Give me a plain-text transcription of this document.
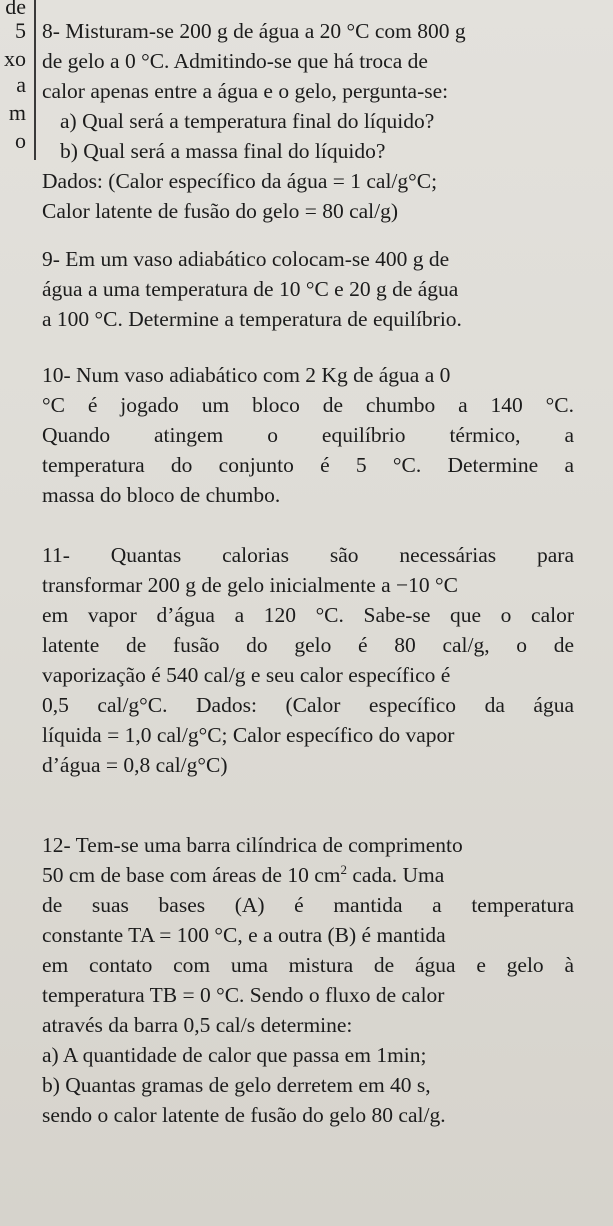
de
5
xo
a
m
o
8- Misturam-se 200 g de água a 20 °C com 800 g
de gelo a 0 °C. Admitindo-se que há troca de
calor apenas entre a água e o gelo, pergunta-se:
a) Qual será a temperatura final do líquido?
b) Qual será a massa final do líquido?
Dados: (Calor específico da água = 1 cal/g°C;
Calor latente de fusão do gelo = 80 cal/g)
9- Em um vaso adiabático colocam-se 400 g de
água a uma temperatura de 10 °C e 20 g de água
a 100 °C. Determine a temperatura de equilíbrio.
10- Num vaso adiabático com 2 Kg de água a 0
°C é jogado um bloco de chumbo a 140 °C.
Quando atingem o equilíbrio térmico, a
temperatura do conjunto é 5 °C. Determine a
massa do bloco de chumbo.
11- Quantas calorias são necessárias para
transformar 200 g de gelo inicialmente a −10 °C
em vapor d’água a 120 °C. Sabe-se que o calor
latente de fusão do gelo é 80 cal/g, o de
vaporização é 540 cal/g e seu calor específico é
0,5 cal/g°C. Dados: (Calor específico da água
líquida = 1,0 cal/g°C; Calor específico do vapor
d’água = 0,8 cal/g°C)
12- Tem-se uma barra cilíndrica de comprimento
50 cm de base com áreas de 10 $cm^2$ cada. Uma
de suas bases (A) é mantida a temperatura
constante TA = 100 °C, e a outra (B) é mantida
em contato com uma mistura de água e gelo à
temperatura TB = 0 °C. Sendo o fluxo de calor
através da barra 0,5 cal/s determine:
a) A quantidade de calor que passa em 1min;
b) Quantas gramas de gelo derretem em 40 s,
sendo o calor latente de fusão do gelo 80 cal/g.
